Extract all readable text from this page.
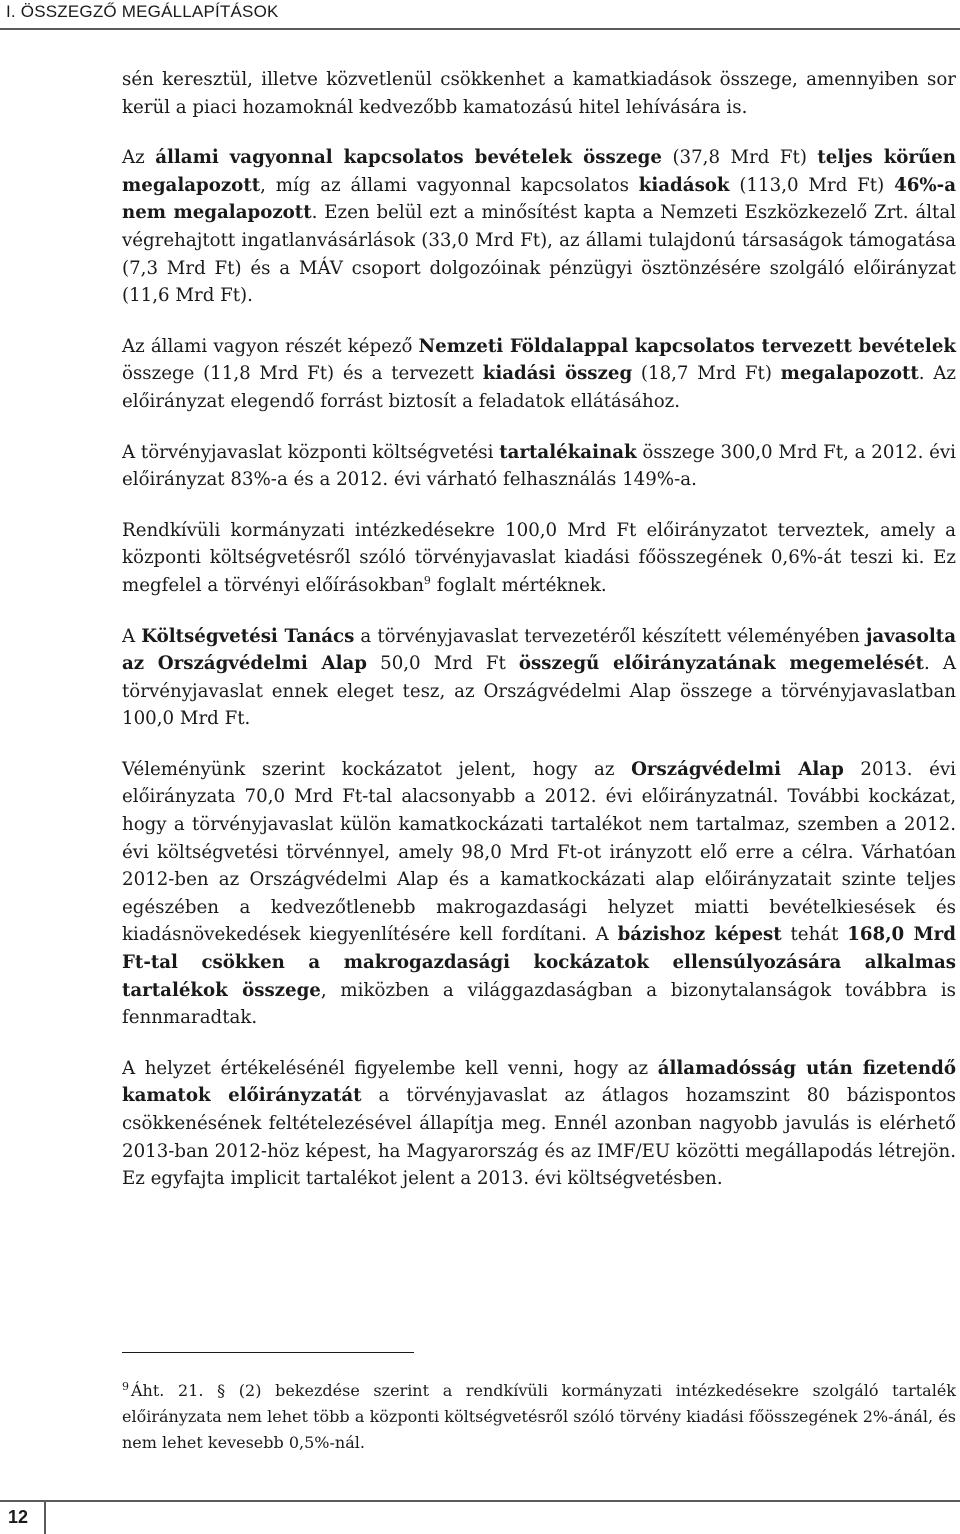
I. ÖSSZEGZŐ MEGÁLLAPÍTÁSOK

sén keresztül, illetve közvetlenül csökkenhet a kamatkiadások összege, amennyiben sor kerül a piaci hozamoknál kedvezőbb kamatozású hitel lehívására is.

Az állami vagyonnal kapcsolatos bevételek összege (37,8 Mrd Ft) teljes körűen megalapozott, míg az állami vagyonnal kapcsolatos kiadások (113,0 Mrd Ft) 46%-a nem megalapozott. Ezen belül ezt a minősítést kapta a Nemzeti Eszközkezelő Zrt. által végrehajtott ingatlanvásárlások (33,0 Mrd Ft), az állami tulajdonú társaságok támogatása (7,3 Mrd Ft) és a MÁV csoport dolgozóinak pénzügyi ösztönzésére szolgáló előirányzat (11,6 Mrd Ft).

Az állami vagyon részét képező Nemzeti Földalappal kapcsolatos tervezett bevételek összege (11,8 Mrd Ft) és a tervezett kiadási összeg (18,7 Mrd Ft) megalapozott. Az előirányzat elegendő forrást biztosít a feladatok ellátásához.

A törvényjavaslat központi költségvetési tartalékainak összege 300,0 Mrd Ft, a 2012. évi előirányzat 83%-a és a 2012. évi várható felhasználás 149%-a.

Rendkívüli kormányzati intézkedésekre 100,0 Mrd Ft előirányzatot terveztek, amely a központi költségvetésről szóló törvényjavaslat kiadási főösszegének 0,6%-át teszi ki. Ez megfelel a törvényi előírásokban$^9$ foglalt mértéknek.

A Költségvetési Tanács a törvényjavaslat tervezetéről készített véleményében javasolta az Országvédelmi Alap 50,0 Mrd Ft összegű előirányzatának megemelését. A törvényjavaslat ennek eleget tesz, az Országvédelmi Alap összege a törvényjavaslatban 100,0 Mrd Ft.

Véleményünk szerint kockázatot jelent, hogy az Országvédelmi Alap 2013. évi előirányzata 70,0 Mrd Ft-tal alacsonyabb a 2012. évi előirányzatnál. További kockázat, hogy a törvényjavaslat külön kamatkockázati tartalékot nem tartalmaz, szemben a 2012. évi költségvetési törvénnyel, amely 98,0 Mrd Ft-ot irányzott elő erre a célra. Várhatóan 2012-ben az Országvédelmi Alap és a kamatkockázati alap előirányzatait szinte teljes egészében a kedvezőtlenebb makrogazdasági helyzet miatti bevételkiesések és kiadásnövekedések kiegyenlítésére kell fordítani. A bázishoz képest tehát 168,0 Mrd Ft-tal csökken a makrogazdasági kockázatok ellensúlyozására alkalmas tartalékok összege, miközben a világgazdaságban a bizonytalanságok továbbra is fennmaradtak.

A helyzet értékelésénél figyelembe kell venni, hogy az államadósság után fizetendő kamatok előirányzatát a törvényjavaslat az átlagos hozamszint 80 bázispontos csökkenésének feltételezésével állapítja meg. Ennél azonban nagyobb javulás is elérhető 2013-ban 2012-höz képest, ha Magyarország és az IMF/EU közötti megállapodás létrejön. Ez egyfajta implicit tartalékot jelent a 2013. évi költségvetésben.

9 Áht. 21. § (2) bekezdése szerint a rendkívüli kormányzati intézkedésekre szolgáló tartalék előirányzata nem lehet több a központi költségvetésről szóló törvény kiadási főösszegének 2%-ánál, és nem lehet kevesebb 0,5%-nál.

12
